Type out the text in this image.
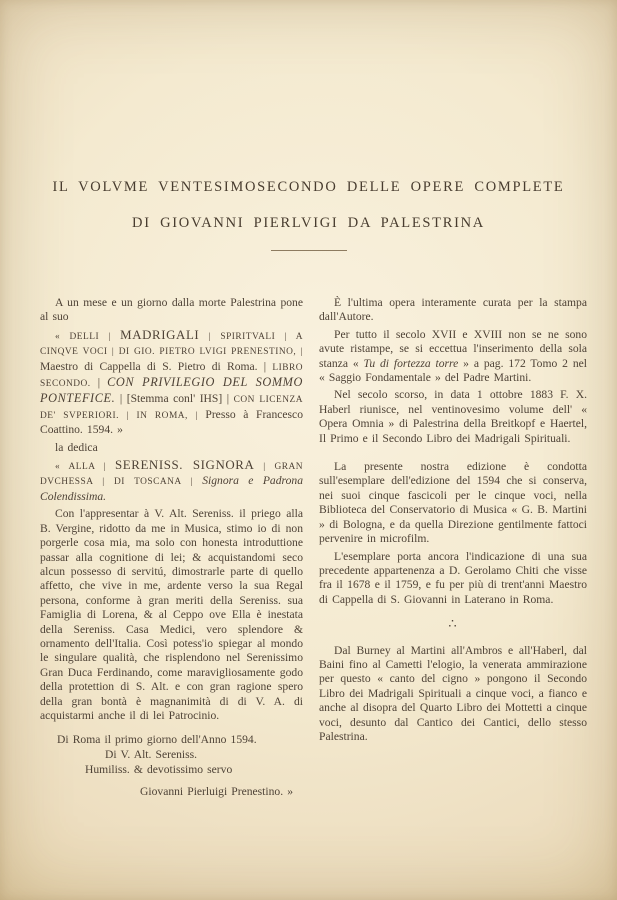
IL VOLVME VENTESIMOSECONDO DELLE OPERE COMPLETE
DI GIOVANNI PIERLVIGI DA PALESTRINA

A un mese e un giorno dalla morte Palestrina pone al suo

« DELLI | MADRIGALI | SPIRITVALI | A CINQVE VOCI | DI GIO. PIETRO LVIGI PRENESTINO, | Maestro di Cappella di S. Pietro di Roma. | LIBRO SECONDO. | CON PRIVILEGIO DEL SOMMO PONTEFICE. | [Stemma conl' IHS] | CON LICENZA DE' SVPERIORI. | IN ROMA, | Presso à Francesco Coattino. 1594. »

la dedica

« ALLA | SERENISS. SIGNORA | GRAN DVCHESSA | DI TOSCANA | Signora e Padrona Colendissima.

Con l'appresentar à V. Alt. Sereniss. il priego alla B. Vergine, ridotto da me in Musica, stimo io di non porgerle cosa mia, ma solo con honesta introduttione passar alla cognitione di lei; & acquistandomi seco alcun possesso di servitú, dimostrarle parte di quello affetto, che vive in me, ardente verso la sua Regal persona, conforme à gran meriti della Sereniss. sua Famiglia di Lorena, & al Ceppo ove Ella è inestata della Sereniss. Casa Medici, vero splendore & ornamento dell'Italia. Così potess'io spiegar al mondo le singulare qualità, che risplendono nel Serenissimo Gran Duca Ferdinando, come maravigliosamente godo della protettion di S. Alt. e con gran ragione spero della gran bontà è magnanimità di di V. A. di acquistarmi anche il di lei Patrocinio.

Di Roma il primo giorno dell'Anno 1594.
Di V. Alt. Sereniss.
Humiliss. & devotissimo servo
Giovanni Pierluigi Prenestino. »

È l'ultima opera interamente curata per la stampa dall'Autore.

Per tutto il secolo XVII e XVIII non se ne sono avute ristampe, se si eccettua l'inserimento della sola stanza « Tu di fortezza torre » a pag. 172 Tomo 2 nel « Saggio Fondamentale » del Padre Martini.

Nel secolo scorso, in data 1 ottobre 1883 F. X. Haberl riunisce, nel ventinovesimo volume dell' « Opera Omnia » di Palestrina della Breitkopf e Haertel, Il Primo e il Secondo Libro dei Madrigali Spirituali.

La presente nostra edizione è condotta sull'esemplare dell'edizione del 1594 che si conserva, nei suoi cinque fascicoli per le cinque voci, nella Biblioteca del Conservatorio di Musica « G. B. Martini » di Bologna, e da quella Direzione gentilmente fattoci pervenire in microfilm.

L'esemplare porta ancora l'indicazione di una sua precedente appartenenza a D. Gerolamo Chiti che visse fra il 1678 e il 1759, e fu per più di trent'anni Maestro di Cappella di S. Giovanni in Laterano in Roma.

∴

Dal Burney al Martini all'Ambros e all'Haberl, dal Baini fino al Cametti l'elogio, la venerata ammirazione per questo « canto del cigno » pongono il Secondo Libro dei Madrigali Spirituali a cinque voci, a fianco e anche al disopra del Quarto Libro dei Mottetti a cinque voci, desunto dal Cantico dei Cantici, dello stesso Palestrina.
